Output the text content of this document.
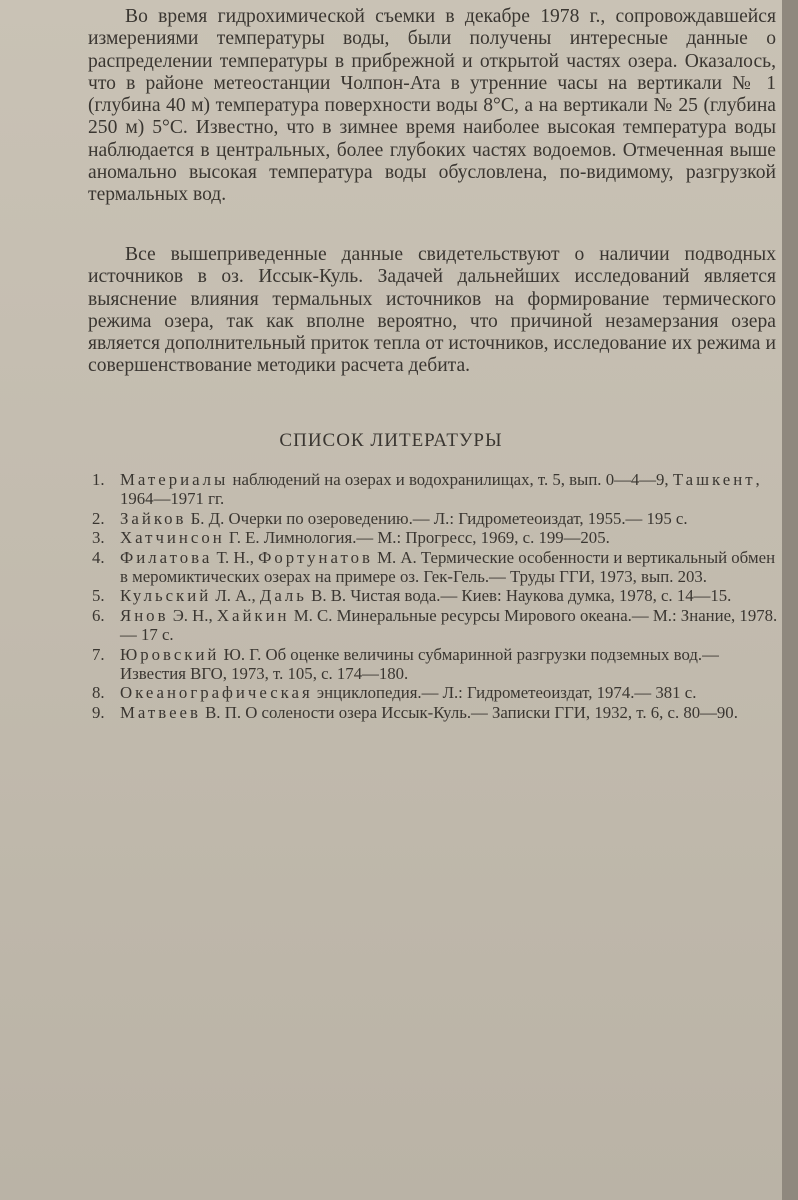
Во время гидрохимической съемки в декабре 1978 г., сопровождавшейся измерениями температуры воды, были получены интересные данные о распределении температуры в прибрежной и открытой частях озера. Оказалось, что в районе метеостанции Чолпон-Ата в утренние часы на вертикали № 1 (глубина 40 м) температура поверхности воды 8°С, а на вертикали № 25 (глубина 250 м) 5°С. Известно, что в зимнее время наиболее высокая температура воды наблюдается в центральных, более глубоких частях водоемов. Отмеченная выше аномально высокая температура воды обусловлена, по-видимому, разгрузкой термальных вод.

Все вышеприведенные данные свидетельствуют о наличии подводных источников в оз. Иссык-Куль. Задачей дальнейших исследований является выяснение влияния термальных источников на формирование термического режима озера, так как вполне вероятно, что причиной незамерзания озера является дополнительный приток тепла от источников, исследование их режима и совершенствование методики расчета дебита.

СПИСОК ЛИТЕРАТУРЫ
1. Материалы наблюдений на озерах и водохранилищах, т. 5, вып. 0—4—9, Ташкент, 1964—1971 гг.
2. Зайков Б. Д. Очерки по озероведению.— Л.: Гидрометеоиздат, 1955.— 195 с.
3. Хатчинсон Г. Е. Лимнология.— М.: Прогресс, 1969, с. 199—205.
4. Филатова Т. Н., Фортунатов М. А. Термические особенности и вертикальный обмен в меромиктических озерах на примере оз. Гек-Гель.— Труды ГГИ, 1973, вып. 203.
5. Кульский Л. А., Даль В. В. Чистая вода.— Киев: Наукова думка, 1978, с. 14—15.
6. Янов Э. Н., Хайкин М. С. Минеральные ресурсы Мирового океана.— М.: Знание, 1978.— 17 с.
7. Юровский Ю. Г. Об оценке величины субмаринной разгрузки подземных вод.— Известия ВГО, 1973, т. 105, с. 174—180.
8. Океанографическая энциклопедия.— Л.: Гидрометеоиздат, 1974.— 381 с.
9. Матвеев В. П. О солености озера Иссык-Куль.— Записки ГГИ, 1932, т. 6, с. 80—90.
